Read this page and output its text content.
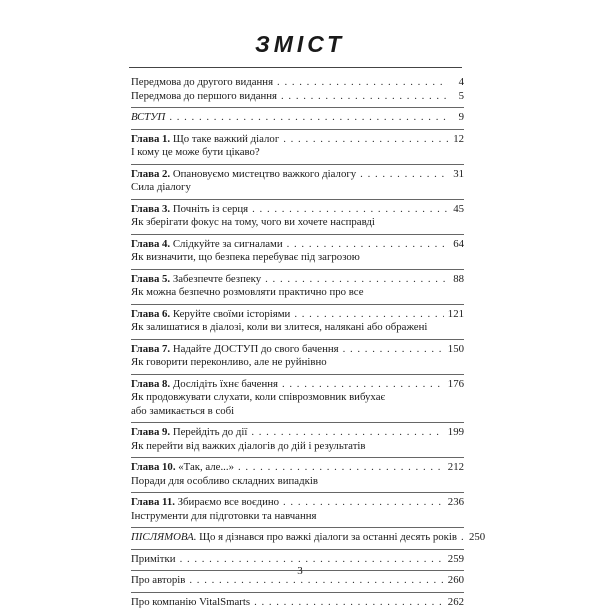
ЗМІСТ
Передмова до другого видання . . .	4
Передмова до першого видання . . .	5
ВСТУП . . .	9
Глава 1.
Що таке важкий діалог . . .	12
І кому це може бути цікаво?
Глава 2.
Опановуємо мистецтво важкого діалогу . . .	31
Сила діалогу
Глава 3.
Почніть із серця . . .	45
Як зберігати фокус на тому, чого ви хочете насправді
Глава 4.
Слідкуйте за сигналами . . .	64
Як визначити, що безпека перебуває під загрозою
Глава 5.
Забезпечте безпеку . . .	88
Як можна безпечно розмовляти практично про все
Глава 6.
Керуйте своїми історіями . . .	121
Як залишатися в діалозі, коли ви злитеся, налякані або ображені
Глава 7.
Надайте ДОСТУП до свого бачення . . .	150
Як говорити переконливо, але не руйнівно
Глава 8.
Дослідіть їхнє бачення . . .	176
Як продовжувати слухати, коли співрозмовник вибухає
або замикається в собі
Глава 9.
Перейдіть до дії . . .	199
Як перейти від важких діалогів до дій і результатів
Глава 10.
«Так, але...» . . .	212
Поради для особливо складних випадків
Глава 11.
Збираємо все воєдино . . .	236
Інструменти для підготовки та навчання
ПІСЛЯМОВА.
Що я дізнався про важкі діалоги за останні десять років . . . 250
Примітки . . .	259
Про авторів . . .	260
Про компанію VitalSmarts . . .	262
3
